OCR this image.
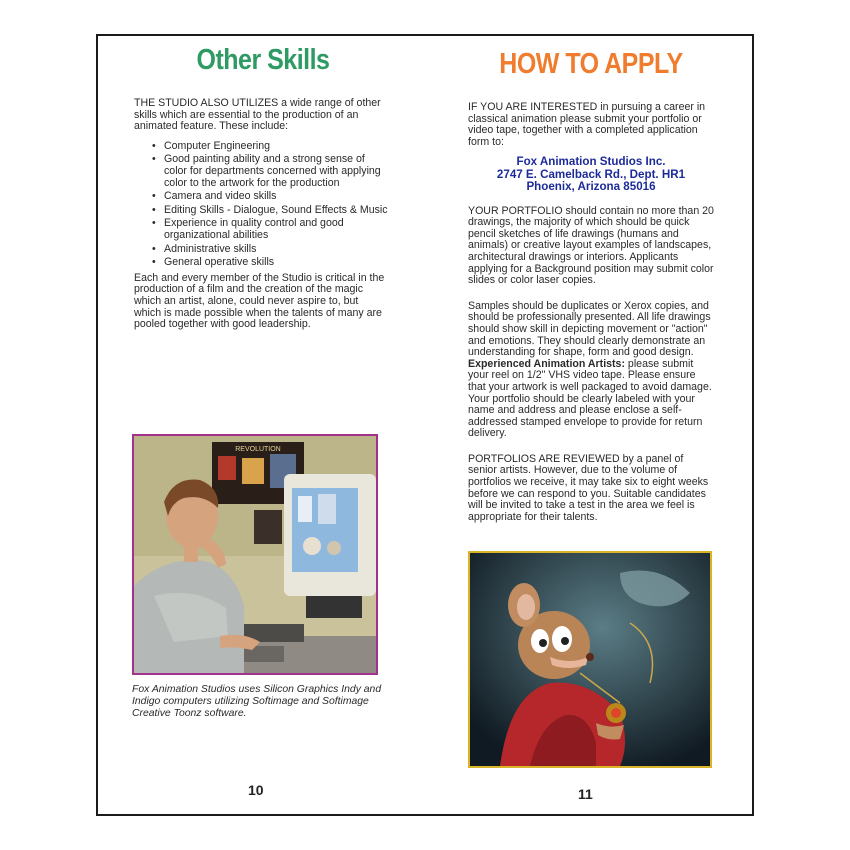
Other Skills

THE STUDIO ALSO UTILIZES a wide range of other skills which are essential to the production of an animated feature. These include:

• Computer Engineering
• Good painting ability and a strong sense of color for departments concerned with applying color to the artwork for the production
• Camera and video skills
• Editing Skills - Dialogue, Sound Effects & Music
• Experience in quality control and good organizational abilities
• Administrative skills
• General operative skills

Each and every member of the Studio is critical in the production of a film and the creation of the magic which an artist, alone, could never aspire to, but which is made possible when the talents of many are pooled together with good leadership.

REVOLUTION
Fox Animation Studios uses Silicon Graphics Indy and Indigo computers utilizing Softimage and Softimage Creative Toonz software.
10
HOW TO APPLY

IF YOU ARE INTERESTED in pursuing a career in classical animation please submit your portfolio or video tape, together with a completed application form to:

Fox Animation Studios Inc.
2747 E. Camelback Rd., Dept. HR1
Phoenix, Arizona 85016

YOUR PORTFOLIO should contain no more than 20 drawings, the majority of which should be quick pencil sketches of life drawings (humans and animals) or creative layout examples of landscapes, architectural drawings or interiors. Applicants applying for a Background position may submit color slides or color laser copies.

Samples should be duplicates or Xerox copies, and should be professionally presented. All life drawings should show skill in depicting movement or "action" and emotions. They should clearly demonstrate an understanding for shape, form and good design. Experienced Animation Artists: please submit your reel on 1/2" VHS video tape. Please ensure that your artwork is well packaged to avoid damage. Your portfolio should be clearly labeled with your name and address and please enclose a self-addressed stamped envelope to provide for return delivery.

PORTFOLIOS ARE REVIEWED by a panel of senior artists. However, due to the volume of portfolios we receive, it may take six to eight weeks before we can respond to you. Suitable candidates will be invited to take a test in the area we feel is appropriate for their talents.

11
